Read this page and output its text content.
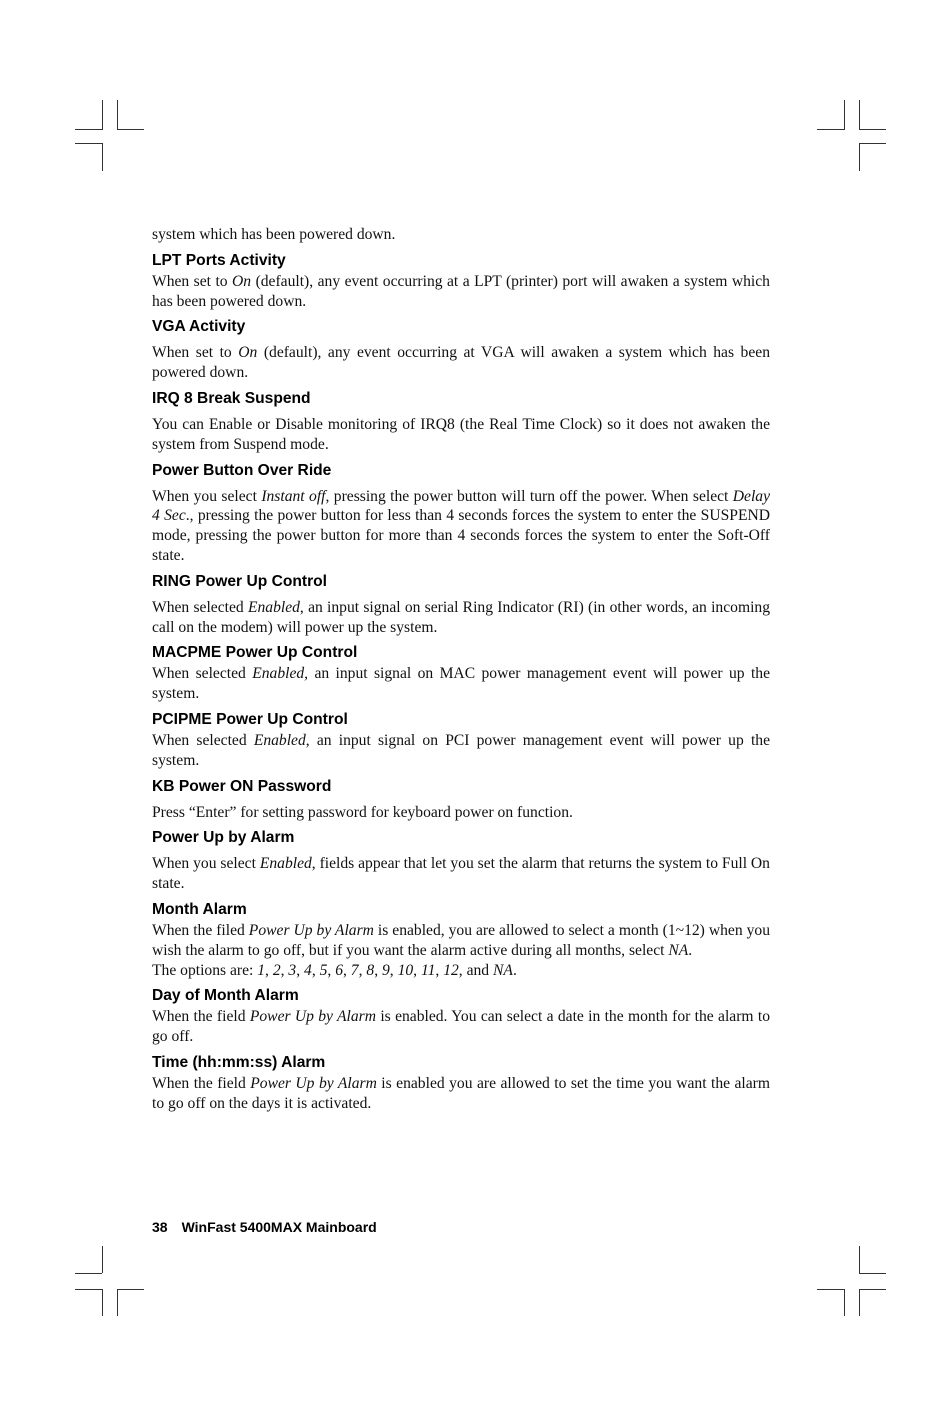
system which has been powered down.

LPT Ports Activity

When set to On (default), any event occurring at a LPT (printer) port will awaken a system which has been powered down.

VGA Activity

When set to On (default), any event occurring at VGA will awaken a system which has been powered down.

IRQ 8 Break Suspend

You can Enable or Disable monitoring of IRQ8 (the Real Time Clock) so it does not awaken the system from Suspend mode.

Power Button Over Ride

When you select Instant off, pressing the power button will turn off the power. When select Delay 4 Sec., pressing the power button for less than 4 seconds forces the system to enter the SUSPEND mode, pressing the power button for more than 4 seconds forces the system to enter the Soft-Off state.

RING Power Up Control

When selected Enabled, an input signal on serial Ring Indicator (RI) (in other words, an incoming call on the modem) will power up the system.

MACPME Power Up Control

When selected Enabled, an input signal on MAC power management event will power up the system.

PCIPME Power Up Control

When selected Enabled, an input signal on PCI power management event will power up the system.

KB Power ON Password

Press “Enter” for setting password for keyboard power on function.

Power Up by Alarm

When you select Enabled, fields appear that let you set the alarm that returns the system to Full On state.

Month Alarm

When the filed Power Up by Alarm is enabled, you are allowed to select a month (1~12) when you wish the alarm to go off, but if you want the alarm active during all months, select NA.

The options are: 1, 2, 3, 4, 5, 6, 7, 8, 9, 10, 11, 12, and NA.

Day of Month Alarm

When the field Power Up by Alarm is enabled. You can select a date in the month for the alarm to go off.

Time (hh:mm:ss) Alarm

When the field Power Up by Alarm is enabled you are allowed to set the time you want the alarm to go off on the days it is activated.

38 WinFast 5400MAX Mainboard
